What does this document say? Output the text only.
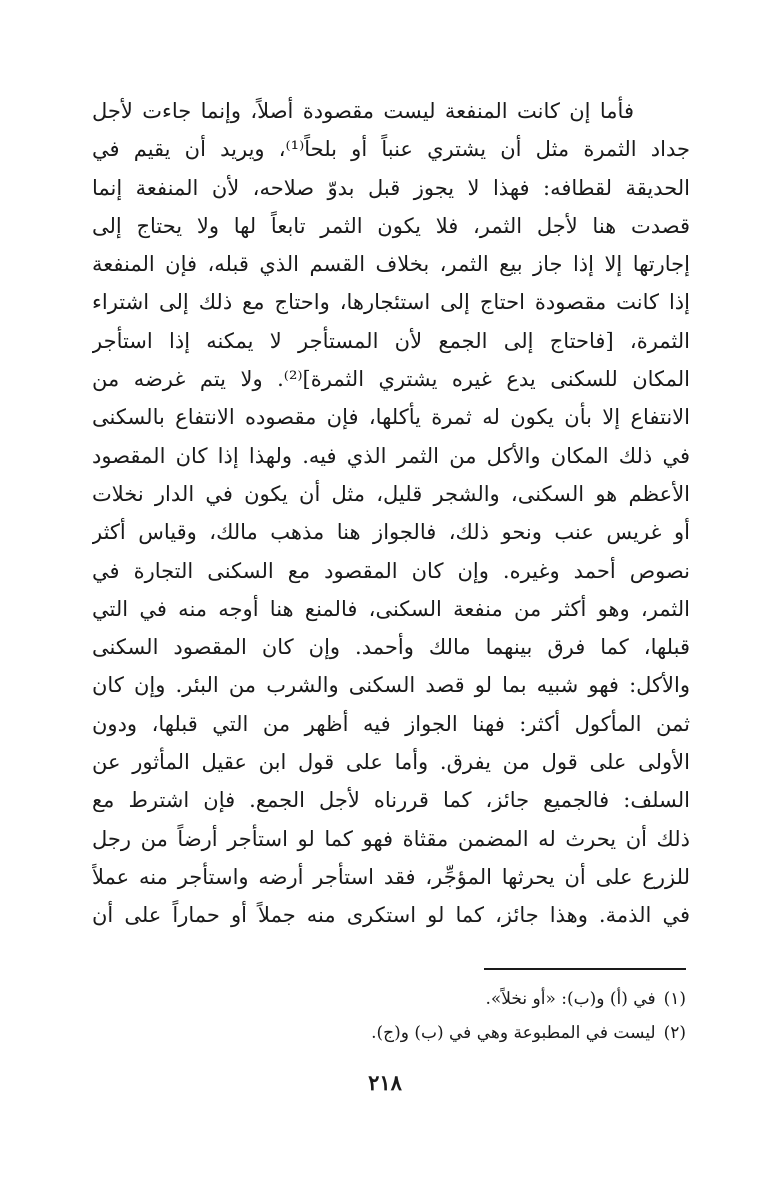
فأما إن كانت المنفعة ليست مقصودة أصلاً، وإنما جاءت لأجل
جداد الثمرة مثل أن يشتري عنباً أو بلحاً⁽¹⁾، ويريد أن يقيم في
الحديقة لقطافه: فهذا لا يجوز قبل بدوّ صلاحه، لأن المنفعة إنما
قصدت هنا لأجل الثمر، فلا يكون الثمر تابعاً لها ولا يحتاج إلى
إجارتها إلا إذا جاز بيع الثمر، بخلاف القسم الذي قبله، فإن المنفعة
إذا كانت مقصودة احتاج إلى استئجارها، واحتاج مع ذلك إلى اشتراء
الثمرة، [فاحتاج إلى الجمع لأن المستأجر لا يمكنه إذا استأجر
المكان للسكنى يدع غيره يشتري الثمرة]⁽²⁾. ولا يتم غرضه من
الانتفاع إلا بأن يكون له ثمرة يأكلها، فإن مقصوده الانتفاع بالسكنى
في ذلك المكان والأكل من الثمر الذي فيه. ولهذا إذا كان المقصود
الأعظم هو السكنى، والشجر قليل، مثل أن يكون في الدار نخلات
أو غريس عنب ونحو ذلك، فالجواز هنا مذهب مالك، وقياس أكثر
نصوص أحمد وغيره. وإن كان المقصود مع السكنى التجارة في
الثمر، وهو أكثر من منفعة السكنى، فالمنع هنا أوجه منه في التي
قبلها، كما فرق بينهما مالك وأحمد. وإن كان المقصود السكنى
والأكل: فهو شبيه بما لو قصد السكنى والشرب من البئر. وإن كان
ثمن المأكول أكثر: فهنا الجواز فيه أظهر من التي قبلها، ودون
الأولى على قول من يفرق. وأما على قول ابن عقيل المأثور عن
السلف: فالجميع جائز، كما قررناه لأجل الجمع. فإن اشترط مع
ذلك أن يحرث له المضمن مقثاة فهو كما لو استأجر أرضاً من رجل
للزرع على أن يحرثها المؤجِّر، فقد استأجر أرضه واستأجر منه عملاً
في الذمة. وهذا جائز، كما لو استكرى منه جملاً أو حماراً على أن
(١)في (أ) و(ب): «أو نخلاً».
(٢)ليست في المطبوعة وهي في (ب) و(ج).
٢١٨
